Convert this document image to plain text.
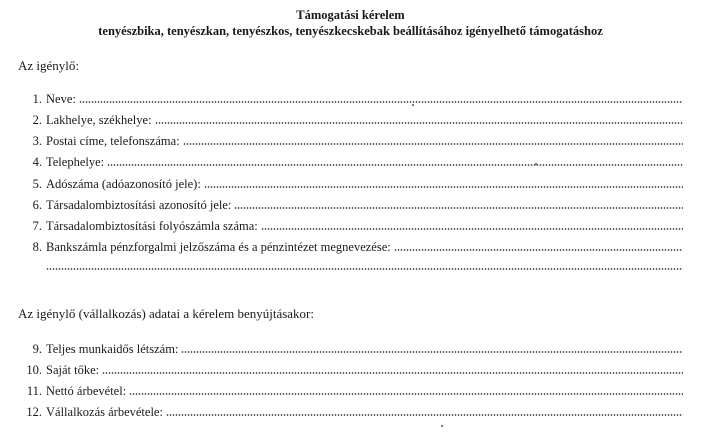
Támogatási kérelem
tenyészbika, tenyészkan, tenyészkos, tenyészkecskebak beállításához igényelhető támogatáshoz
Az igénylő:
1. Neve:
2. Lakhelye, székhelye:
3. Postai címe, telefonszáma:
4. Telephelye:
5. Adószáma (adóazonosító jele):
6. Társadalombiztosítási azonosító jele:
7. Társadalombiztosítási folyószámla száma:
8. Bankszámla pénzforgalmi jelzőszáma és a pénzintézet megnevezése:
Az igénylő (vállalkozás) adatai a kérelem benyújtásakor:
9. Teljes munkaidős létszám:
10. Saját tőke:
11. Nettó árbevétel:
12. Vállalkozás árbevétele:
